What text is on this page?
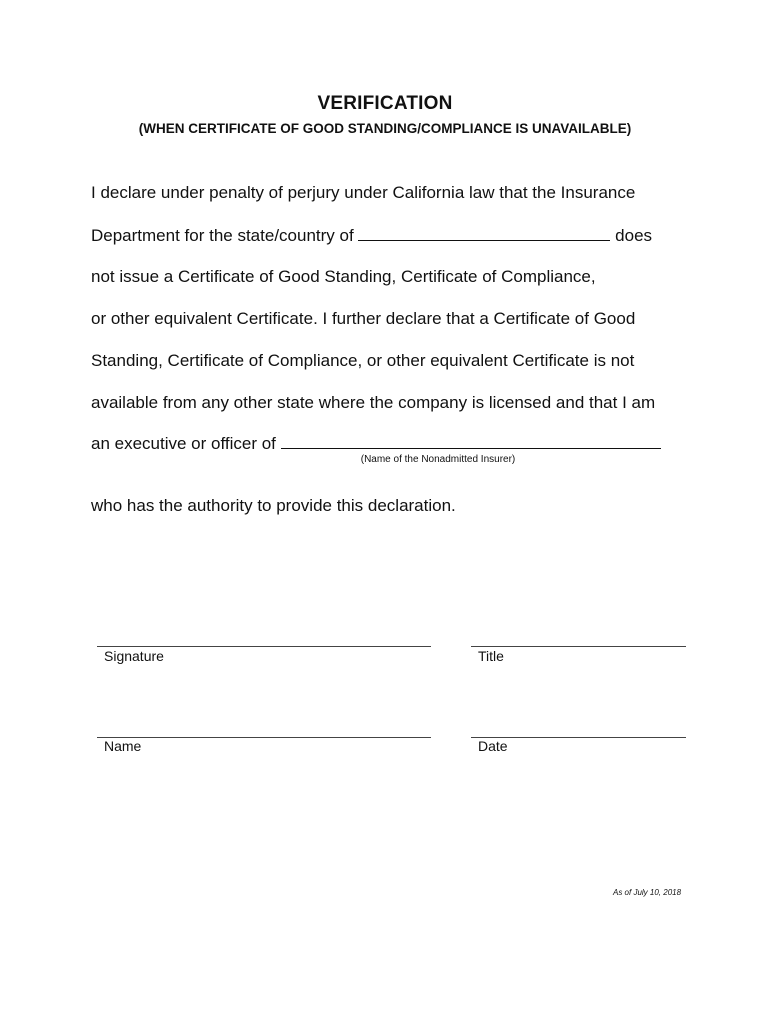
VERIFICATION
(WHEN CERTIFICATE OF GOOD STANDING/COMPLIANCE IS UNAVAILABLE)
I declare under penalty of perjury under California law that the Insurance
Department for the state/country of	does
not issue a Certificate of Good Standing, Certificate of Compliance,
or other equivalent Certificate. I further declare that a Certificate of Good
Standing, Certificate of Compliance, or other equivalent Certificate is not
available from any other state where the company is licensed and that I am
an executive or officer of
(Name of the Nonadmitted Insurer)
who has the authority to provide this declaration.
Signature	Title
Name	Date
As of July 10, 2018
